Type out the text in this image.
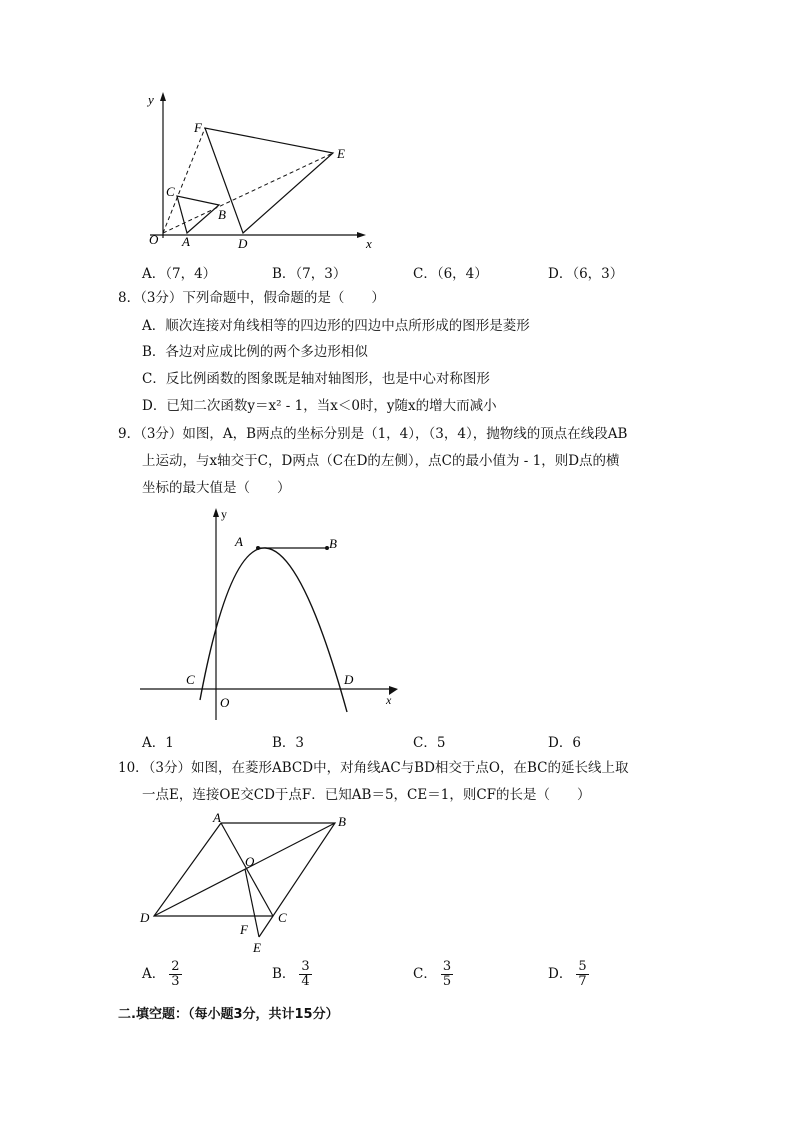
y
x
O A
B
C
D
E
F
A．（7，4）	B．（7，3）	C．（6，4）	D．（6，3）
8．（3分）下列命题中，假命题的是（　　）
A．顺次连接对角线相等的四边形的四边中点所形成的图形是菱形
B．各边对应成比例的两个多边形相似
C．反比例函数的图象既是轴对轴图形，也是中心对称图形
D．已知二次函数y＝x² ‑ 1，当x＜0时，y随x的增大而减小
9．（3分）如图，A，B两点的坐标分别是（1，4），（3，4），抛物线的顶点在线段AB
上运动，与x轴交于C，D两点（C在D的左侧），点C的最小值为 ‑ 1，则D点的横
坐标的最大值是（　　）
y
x
O
A	B
C	D
A．1	B．3	C．5	D．6
10．（3分）如图，在菱形ABCD中，对角线AC与BD相交于点O，在BC的延长线上取
一点E，连接OE交CD于点F．已知AB＝5，CE＝1，则CF的长是（　　）
A	B
C
D
O
E
F
A． $\frac{2}{3}$	B． $\frac{3}{4}$	C． $\frac{3}{5}$	D． $\frac{5}{7}$
二.填空题：（每小题3分，共计15分）
